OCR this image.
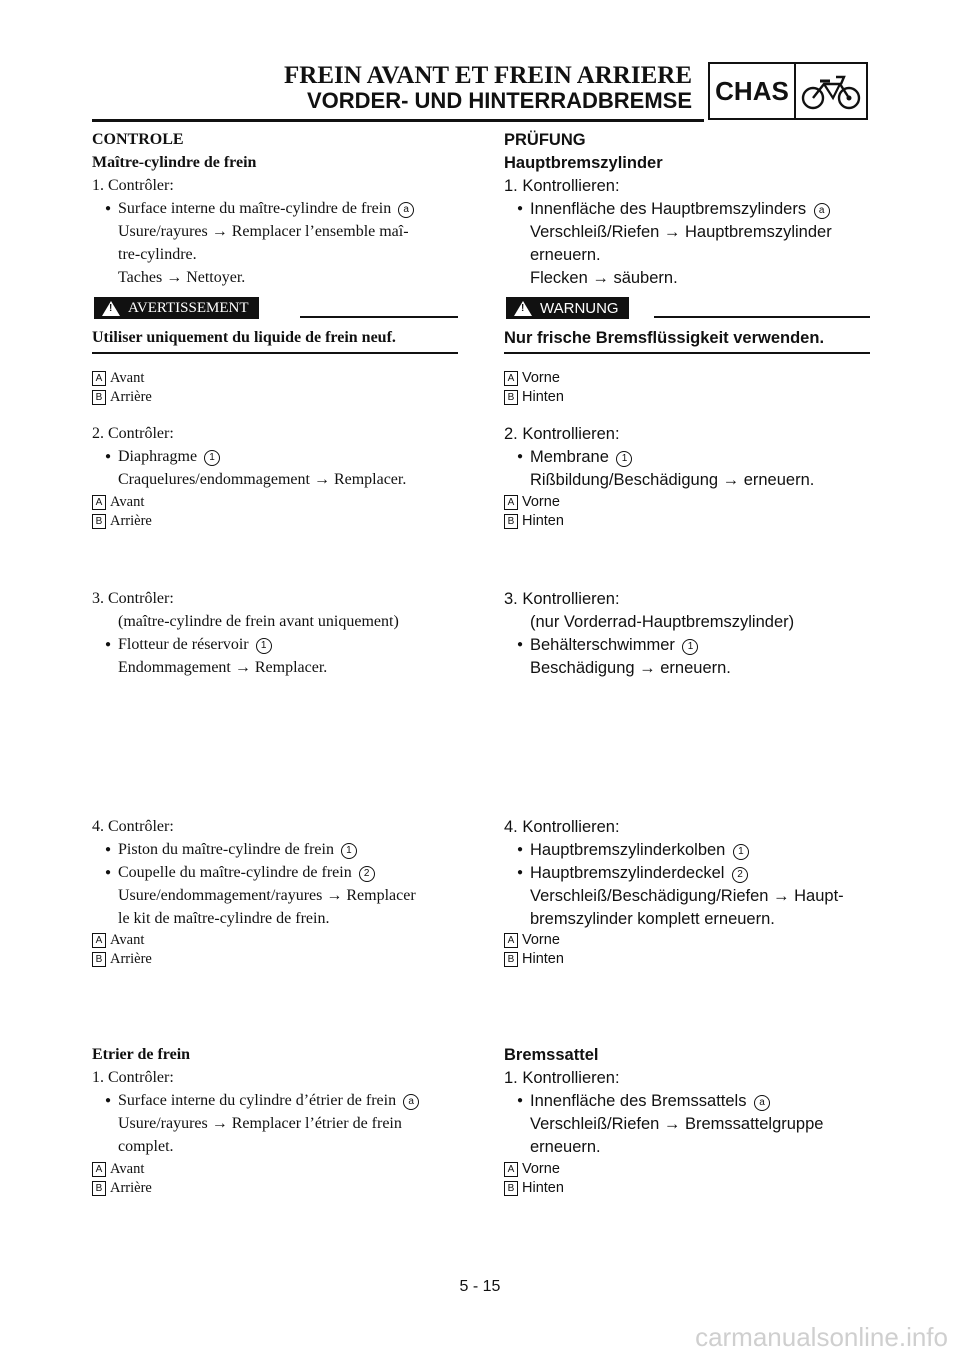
FREIN AVANT ET FREIN ARRIERE
VORDER- UND HINTERRADBREMSE CHAS
CONTROLE
Maître-cylindre de frein
1. Contrôler:
● Surface interne du maître-cylindre de frein a
Usure/rayures → Remplacer l’ensemble maî-
tre-cylindre.
Taches → Nettoyer.
! AVERTISSEMENT
Utiliser uniquement du liquide de frein neuf.
A Avant
B Arrière
2. Contrôler:
● Diaphragme 1
Craquelures/endommagement → Remplacer.
A Avant
B Arrière
3. Contrôler:
(maître-cylindre de frein avant uniquement)
● Flotteur de réservoir 1
Endommagement → Remplacer.
4. Contrôler:
● Piston du maître-cylindre de frein 1
● Coupelle du maître-cylindre de frein 2
Usure/endommagement/rayures → Remplacer
le kit de maître-cylindre de frein.
A Avant
B Arrière
Etrier de frein
1. Contrôler:
● Surface interne du cylindre d’étrier de frein a
Usure/rayures → Remplacer l’étrier de frein
complet.
A Avant
B Arrière
PRÜFUNG
Hauptbremszylinder
1. Kontrollieren:
● Innenfläche des Hauptbremszylinders a
Verschleiß/Riefen → Hauptbremszylinder
erneuern.
Flecken → säubern.
! WARNUNG
Nur frische Bremsflüssigkeit verwenden.
A Vorne
B Hinten
2. Kontrollieren:
● Membrane 1
Rißbildung/Beschädigung → erneuern.
A Vorne
B Hinten
3. Kontrollieren:
(nur Vorderrad-Hauptbremszylinder)
● Behälterschwimmer 1
Beschädigung → erneuern.
4. Kontrollieren:
● Hauptbremszylinderkolben 1
● Hauptbremszylinderdeckel 2
Verschleiß/Beschädigung/Riefen → Haupt-
bremszylinder komplett erneuern.
A Vorne
B Hinten
Bremssattel
1. Kontrollieren:
● Innenfläche des Bremssattels a
Verschleiß/Riefen → Bremssattelgruppe
erneuern.
A Vorne
B Hinten
5 - 15
carmanualsonline.info
